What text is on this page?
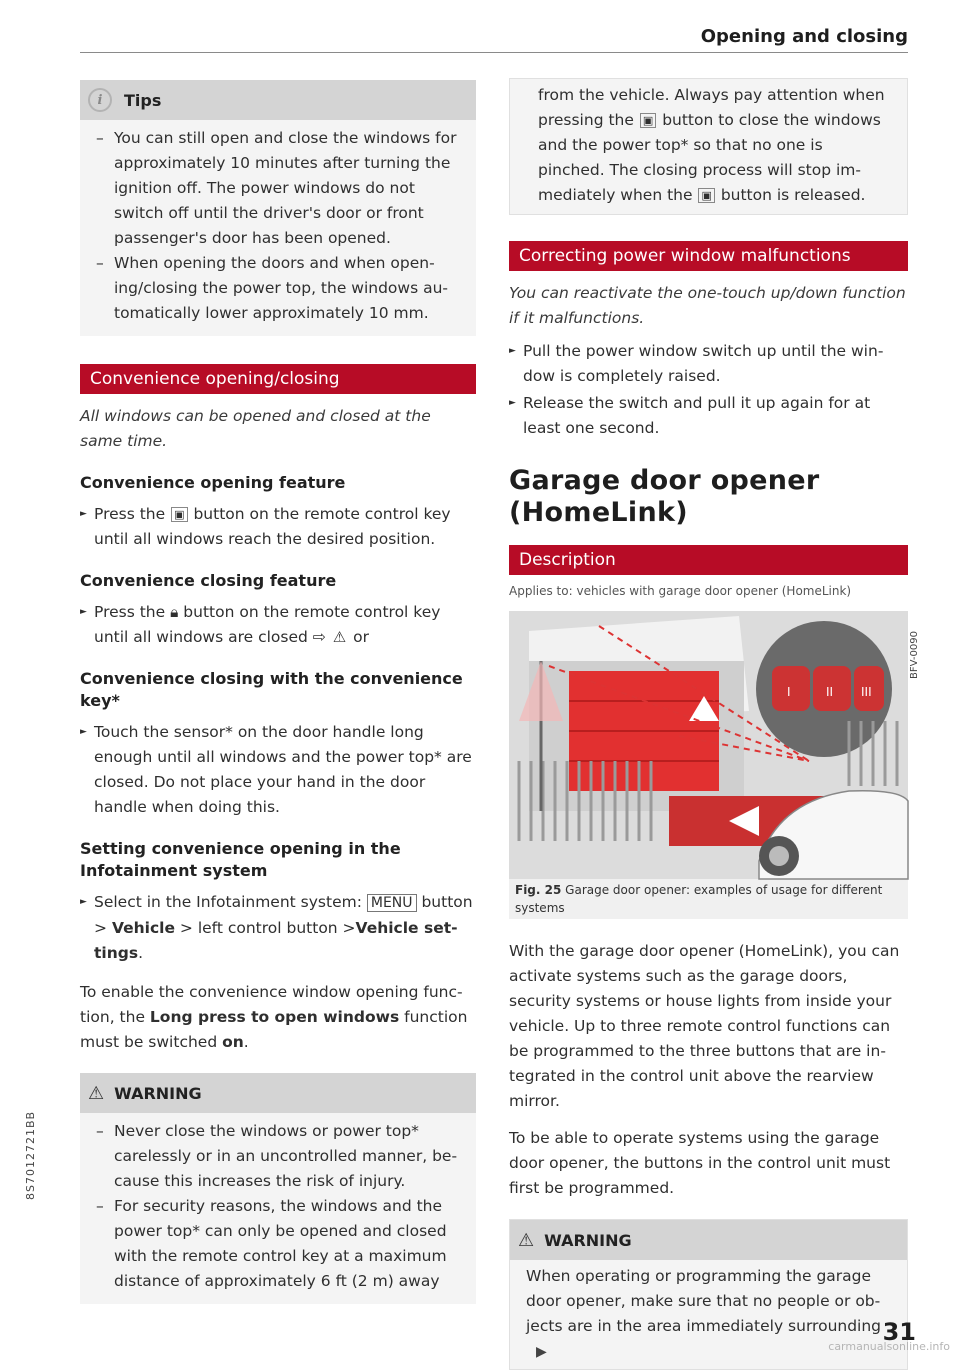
Opening and closing
i	Tips

– You can still open and close the windows for approximately 10 minutes after turning the ignition off. The power windows do not switch off until the driver's door or front passenger's door has been opened.

– When opening the doors and when opening/closing the power top, the windows automatically lower approximately 10 mm.

Convenience opening/closing

All windows can be opened and closed at the same time.

Convenience opening feature

► Press the ▣ button on the remote control key until all windows reach the desired position.

Convenience closing feature

► Press the 🔒︎ button on the remote control key until all windows are closed ⇨ ⚠ or

Convenience closing with the convenience key*

► Touch the sensor* on the door handle long enough until all windows and the power top* are closed. Do not place your hand in the door handle when doing this.

Setting convenience opening in the Infotainment system

► Select in the Infotainment system: MENU button > Vehicle > left control button >Vehicle settings.

To enable the convenience window opening function, the Long press to open windows function must be switched on.

⚠ WARNING

– Never close the windows or power top* carelessly or in an uncontrolled manner, because this increases the risk of injury.

– For security reasons, the windows and the power top* can only be opened and closed with the remote control key at a maximum distance of approximately 6 ft (2 m) away

from the vehicle. Always pay attention when pressing the ▣ button to close the windows and the power top* so that no one is pinched. The closing process will stop immediately when the ▣ button is released.

Correcting power window malfunctions

You can reactivate the one-touch up/down function if it malfunctions.

► Pull the power window switch up until the window is completely raised.

► Release the switch and pull it up again for at least one second.

Garage door opener (HomeLink)
Description
Applies to: vehicles with garage door opener (HomeLink)
I	II III
BFV-0090
Fig. 25 Garage door opener: examples of usage for different systems

With the garage door opener (HomeLink), you can activate systems such as the garage doors, security systems or house lights from inside your vehicle. Up to three remote control functions can be programmed to the three buttons that are integrated in the control unit above the rearview mirror.

To be able to operate systems using the garage door opener, the buttons in the control unit must first be programmed.

⚠ WARNING

When operating or programming the garage door opener, make sure that no people or objects are in the area immediately surrounding ▶

31
8S7012721BB
carmanualsonline.info
